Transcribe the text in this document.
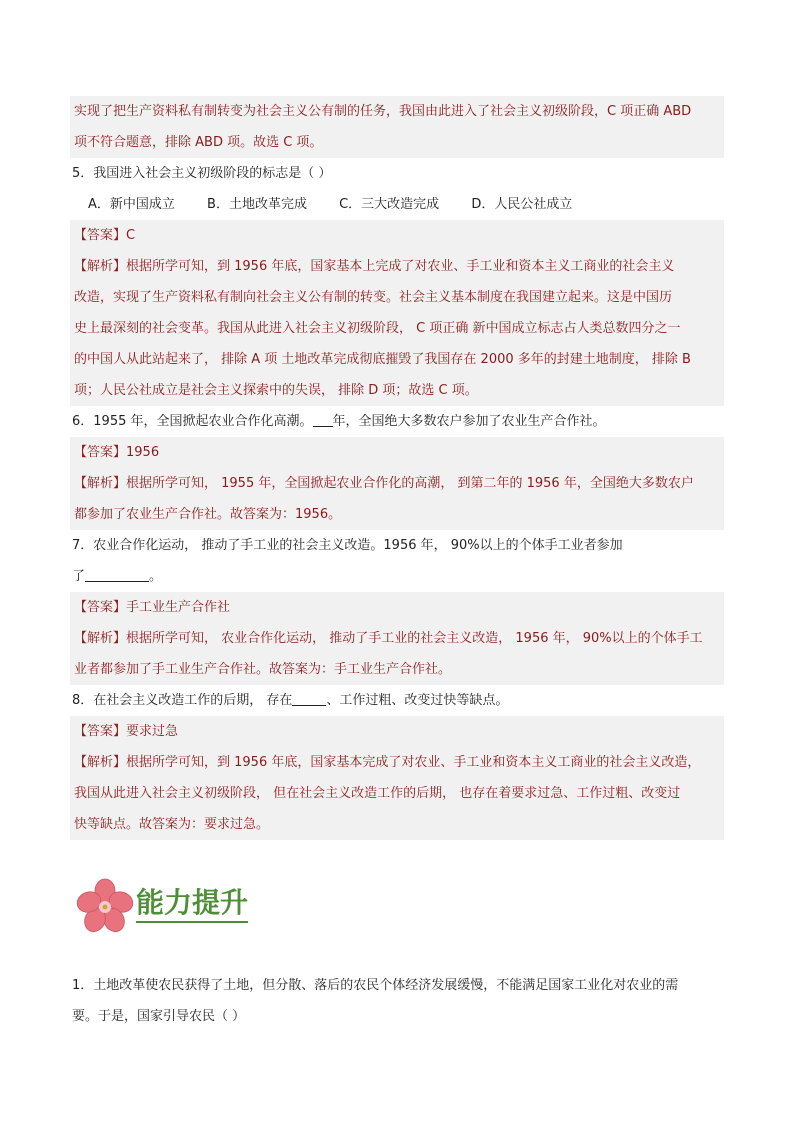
实现了把生产资料私有制转变为社会主义公有制的任务，我国由此进入了社会主义初级阶段，C 项正确 ABD
项不符合题意，排除 ABD 项。故选 C 项。
5．我国进入社会主义初级阶段的标志是（ ）
A．新中国成立 B．土地改革完成 C．三大改造完成 D．人民公社成立
【答案】C
【解析】根据所学可知，到 1956 年底，国家基本上完成了对农业、手工业和资本主义工商业的社会主义
改造，实现了生产资料私有制向社会主义公有制的转变。社会主义基本制度在我国建立起来。这是中国历
史上最深刻的社会变革。我国从此进入社会主义初级阶段， C 项正确 新中国成立标志占人类总数四分之一
的中国人从此站起来了， 排除 A 项 土地改革完成彻底摧毁了我国存在 2000 多年的封建土地制度， 排除 B
项；人民公社成立是社会主义探索中的失误， 排除 D 项；故选 C 项。
6．1955 年，全国掀起农业合作化高潮。 年，全国绝大多数农户参加了农业生产合作社。
【答案】1956
【解析】根据所学可知， 1955 年，全国掀起农业合作化的高潮， 到第二年的 1956 年，全国绝大多数农户
都参加了农业生产合作社。故答案为：1956。
7．农业合作化运动， 推动了手工业的社会主义改造。1956 年， 90%以上的个体手工业者参加
了	。
【答案】手工业生产合作社
【解析】根据所学可知， 农业合作化运动， 推动了手工业的社会主义改造， 1956 年， 90%以上的个体手工
业者都参加了手工业生产合作社。故答案为：手工业生产合作社。
8．在社会主义改造工作的后期， 存在	、工作过粗、改变过快等缺点。
【答案】要求过急
【解析】根据所学可知，到 1956 年底，国家基本完成了对农业、手工业和资本主义工商业的社会主义改造，
我国从此进入社会主义初级阶段， 但在社会主义改造工作的后期， 也存在着要求过急、工作过粗、改变过
快等缺点。故答案为：要求过急。
能力提升
1．土地改革使农民获得了土地，但分散、落后的农民个体经济发展缓慢，不能满足国家工业化对农业的需
要。于是，国家引导农民（ ）
